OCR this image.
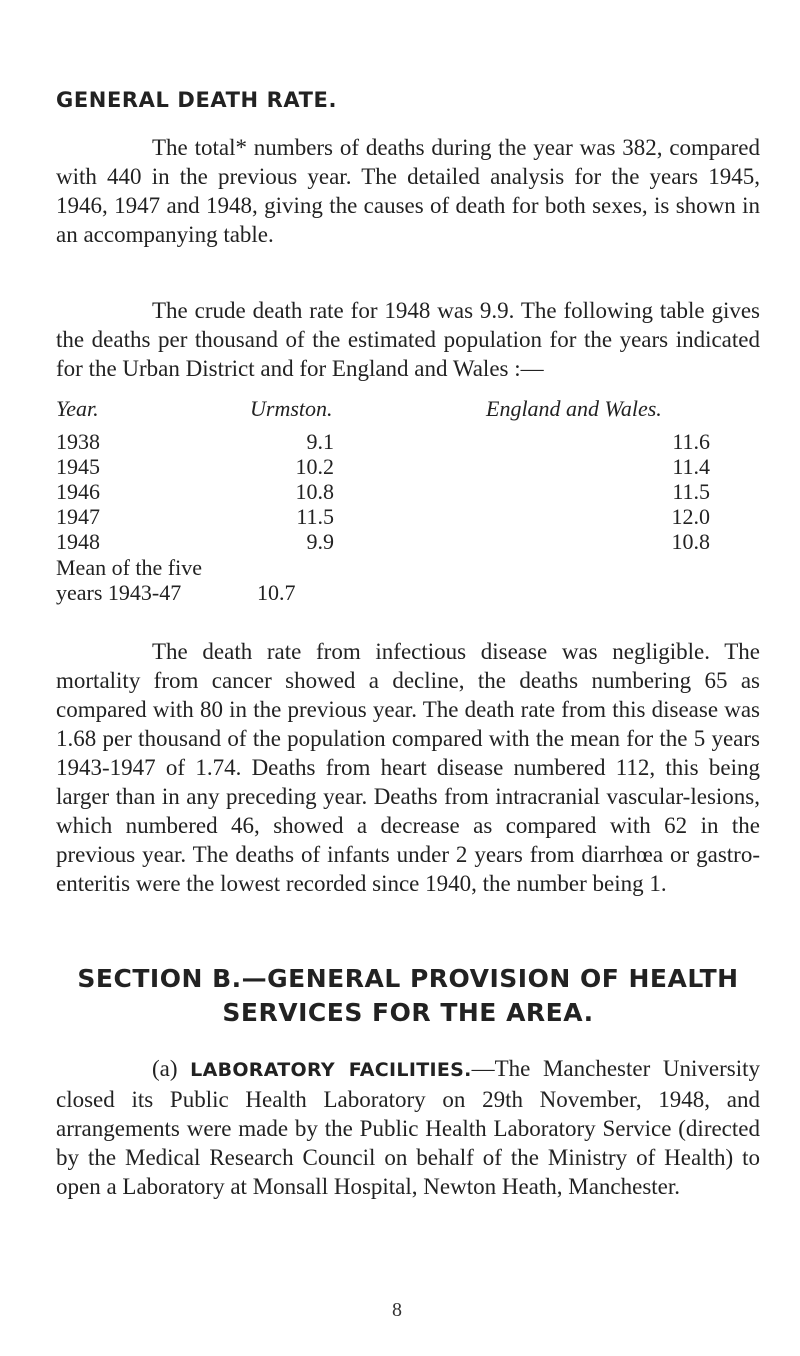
GENERAL DEATH RATE.
The total* numbers of deaths during the year was 382, compared with 440 in the previous year. The detailed analysis for the years 1945, 1946, 1947 and 1948, giving the causes of death for both sexes, is shown in an accompanying table.
The crude death rate for 1948 was 9.9. The following table gives the deaths per thousand of the estimated population for the years indicated for the Urban District and for England and Wales :—
Year.	Urmston.	England and Wales.
1938	9.1	11.6
1945	10.2	11.4
1946	10.8	11.5
1947	11.5	12.0
1948	9.9	10.8
Mean of the five
years 1943-47	10.7
The death rate from infectious disease was negligible. The mortality from cancer showed a decline, the deaths numbering 65 as compared with 80 in the previous year. The death rate from this disease was 1.68 per thousand of the population compared with the mean for the 5 years 1943-1947 of 1.74. Deaths from heart disease numbered 112, this being larger than in any preceding year. Deaths from intracranial vascular-lesions, which numbered 46, showed a decrease as compared with 62 in the previous year. The deaths of infants under 2 years from diarrhœa or gastro-enteritis were the lowest recorded since 1940, the number being 1.
SECTION B.—GENERAL PROVISION OF HEALTH
SERVICES FOR THE AREA.
(a) LABORATORY FACILITIES.—The Manchester University closed its Public Health Laboratory on 29th November, 1948, and arrangements were made by the Public Health Laboratory Service (directed by the Medical Research Council on behalf of the Ministry of Health) to open a Laboratory at Monsall Hospital, Newton Heath, Manchester.
8
